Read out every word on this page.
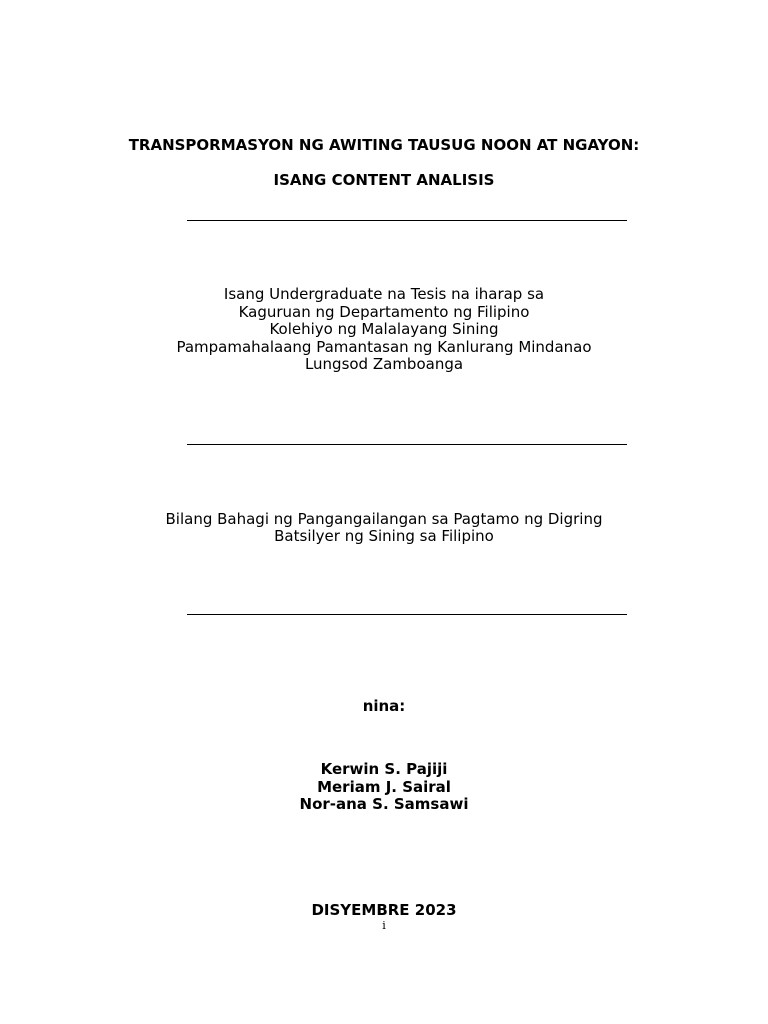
TRANSPORMASYON NG AWITING TAUSUG NOON AT NGAYON:
ISANG CONTENT ANALISIS
Isang Undergraduate na Tesis na iharap sa
Kaguruan ng Departamento ng Filipino
Kolehiyo ng Malalayang Sining
Pampamahalaang Pamantasan ng Kanlurang Mindanao
Lungsod Zamboanga
Bilang Bahagi ng Pangangailangan sa Pagtamo ng Digring
Batsilyer ng Sining sa Filipino
nina:
Kerwin S. Pajiji
Meriam J. Sairal
Nor-ana S. Samsawi
DISYEMBRE 2023
i
